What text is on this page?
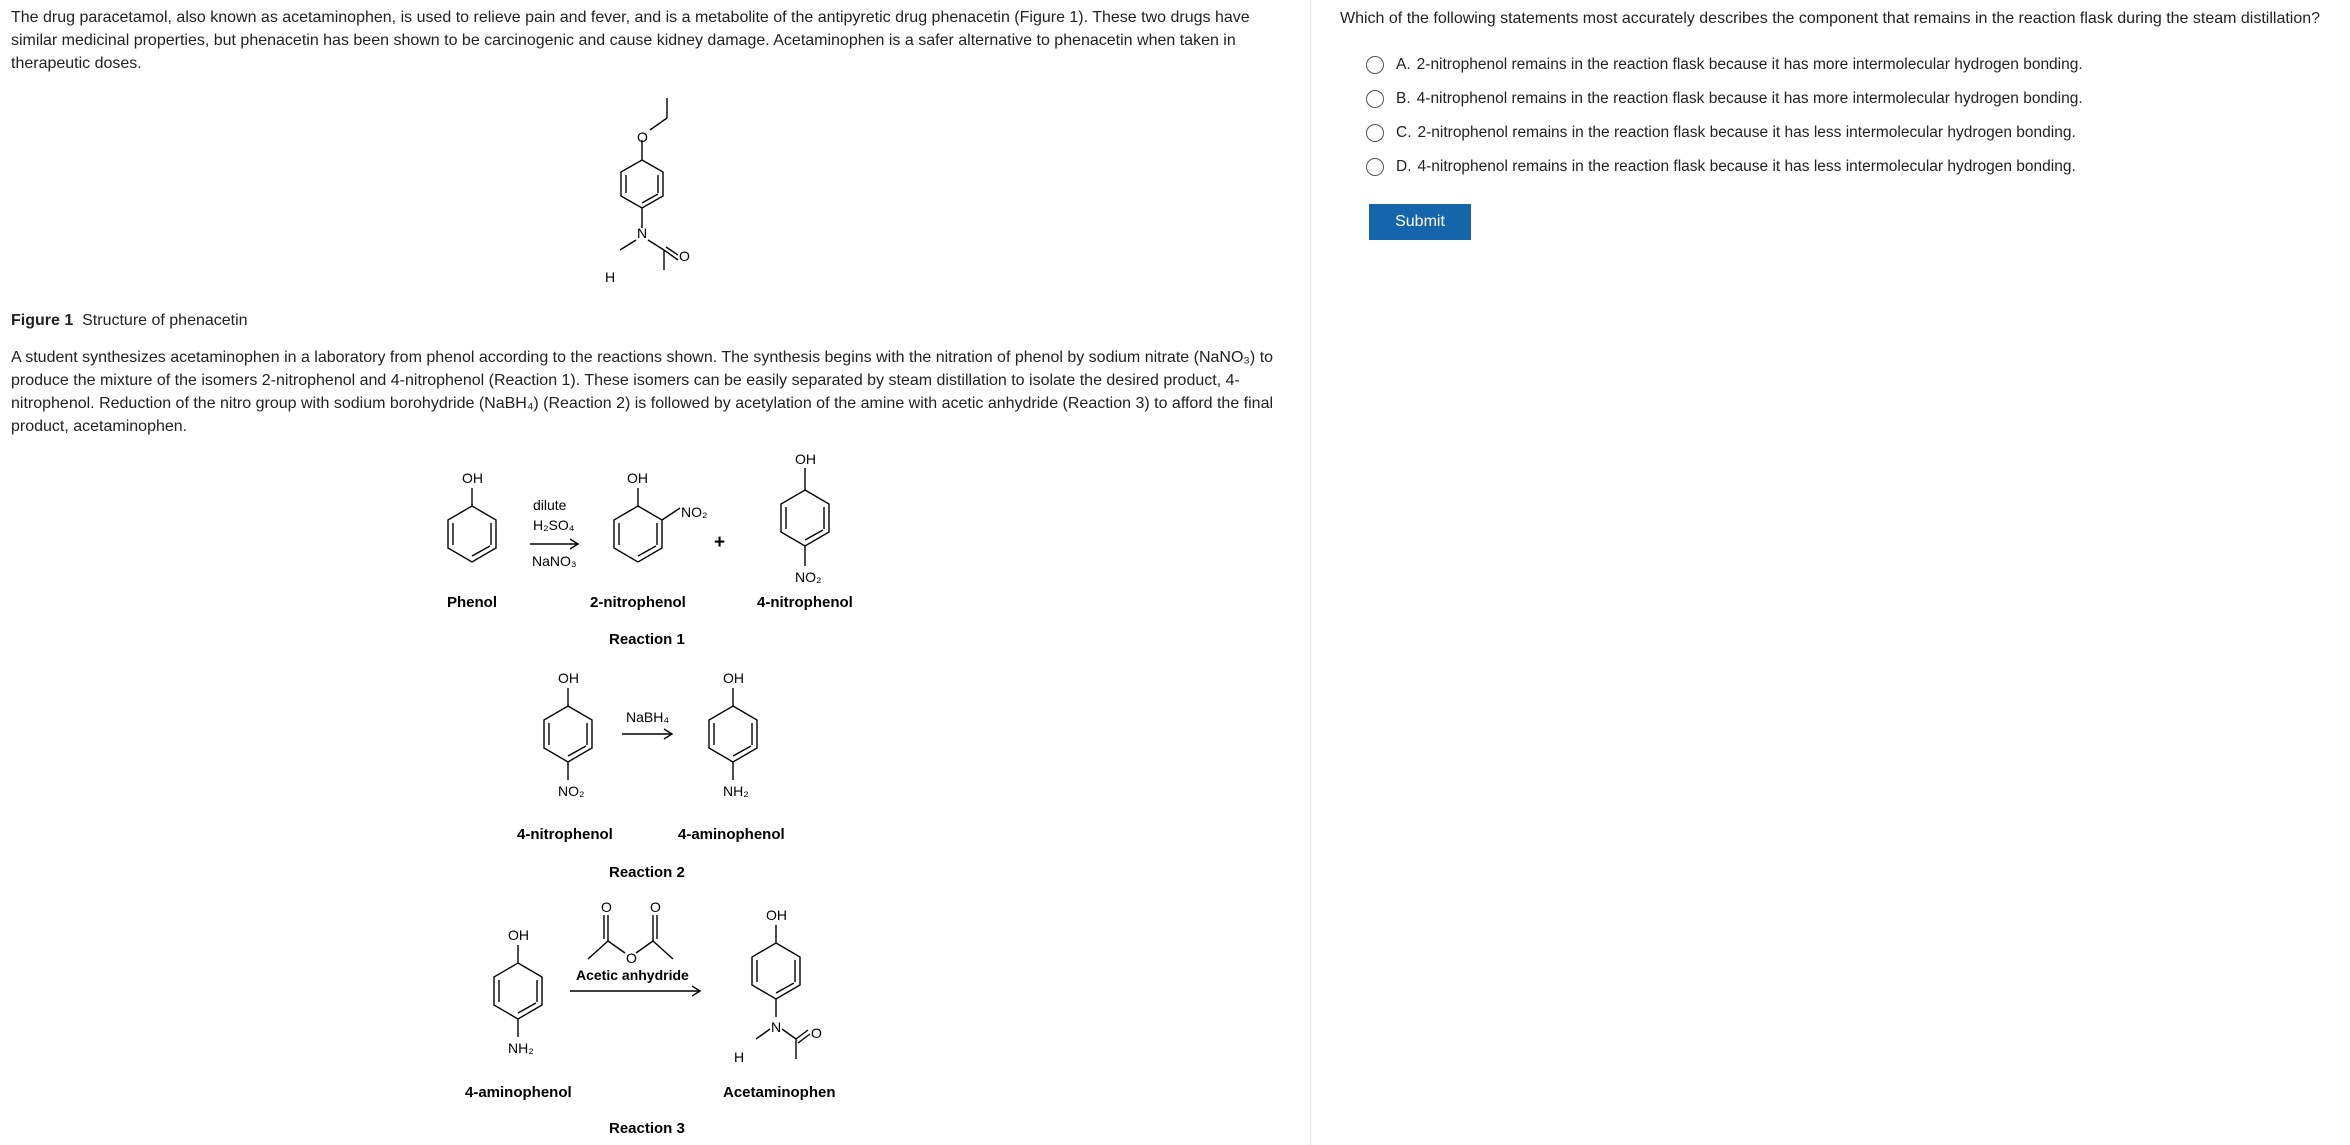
The drug paracetamol, also known as acetaminophen, is used to relieve pain and fever, and is a metabolite of the antipyretic drug phenacetin (Figure 1). These two drugs have
similar medicinal properties, but phenacetin has been shown to be carcinogenic and cause kidney damage. Acetaminophen is a safer alternative to phenacetin when taken in
therapeutic doses.

O
N
H
O
Figure 1 Structure of phenacetin

A student synthesizes acetaminophen in a laboratory from phenol according to the reactions shown. The synthesis begins with the nitration of phenol by sodium nitrate (NaNO₃) to
produce the mixture of the isomers 2-nitrophenol and 4-nitrophenol (Reaction 1). These isomers can be easily separated by steam distillation to isolate the desired product, 4-
nitrophenol. Reduction of the nitro group with sodium borohydride (NaBH₄) (Reaction 2) is followed by acetylation of the amine with acetic anhydride (Reaction 3) to afford the final
product, acetaminophen.

OH
dilute
H₂SO₄
NaNO₃
OH
NO₂
+
OH
NO₂
Phenol	2-nitrophenol	4-nitrophenol
Reaction 1
OH
NO₂
NaBH₄
OH
NH₂
4-nitrophenol	4-aminophenol
Reaction 2
OH
NH₂
O	O
O
Acetic anhydride
OH
N
H
O
4-aminophenol	Acetaminophen
Reaction 3
Which of the following statements most accurately describes the component that remains in the reaction flask during the steam distillation?
A. 2-nitrophenol remains in the reaction flask because it has more intermolecular hydrogen bonding.
B. 4-nitrophenol remains in the reaction flask because it has more intermolecular hydrogen bonding.
C. 2-nitrophenol remains in the reaction flask because it has less intermolecular hydrogen bonding.
D. 4-nitrophenol remains in the reaction flask because it has less intermolecular hydrogen bonding.
Submit
